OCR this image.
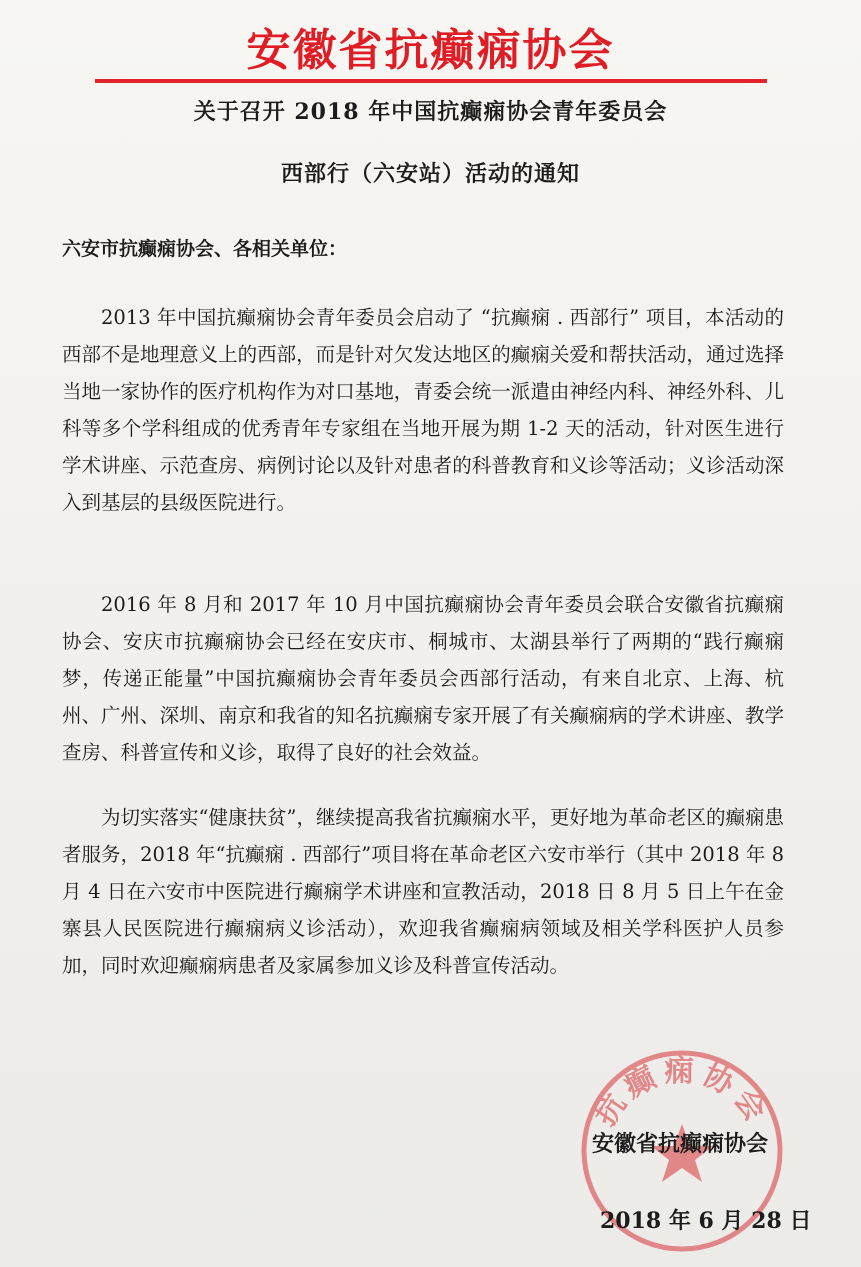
安徽省抗癫痫协会
关于召开 2018 年中国抗癫痫协会青年委员会
西部行（六安站）活动的通知
六安市抗癫痫协会、各相关单位：

2013 年中国抗癫痫协会青年委员会启动了 “抗癫痫 . 西部行” 项目，本活动的西部不是地理意义上的西部，而是针对欠发达地区的癫痫关爱和帮扶活动，通过选择当地一家协作的医疗机构作为对口基地，青委会统一派遣由神经内科、神经外科、儿科等多个学科组成的优秀青年专家组在当地开展为期 1-2 天的活动，针对医生进行学术讲座、示范查房、病例讨论以及针对患者的科普教育和义诊等活动；义诊活动深入到基层的县级医院进行。

2016 年 8 月和 2017 年 10 月中国抗癫痫协会青年委员会联合安徽省抗癫痫协会、安庆市抗癫痫协会已经在安庆市、桐城市、太湖县举行了两期的“践行癫痫梦，传递正能量”中国抗癫痫协会青年委员会西部行活动，有来自北京、上海、杭州、广州、深圳、南京和我省的知名抗癫痫专家开展了有关癫痫病的学术讲座、教学查房、科普宣传和义诊，取得了良好的社会效益。

为切实落实“健康扶贫”，继续提高我省抗癫痫水平，更好地为革命老区的癫痫患者服务，2018 年“抗癫痫 . 西部行”项目将在革命老区六安市举行（其中 2018 年 8 月 4 日在六安市中医院进行癫痫学术讲座和宣教活动，2018 日 8 月 5 日上午在金寨县人民医院进行癫痫病义诊活动），欢迎我省癫痫病领域及相关学科医护人员参加，同时欢迎癫痫病患者及家属参加义诊及科普宣传活动。

抗癫痫协会
安徽省抗癫痫协会
2018 年 6 月 28 日
